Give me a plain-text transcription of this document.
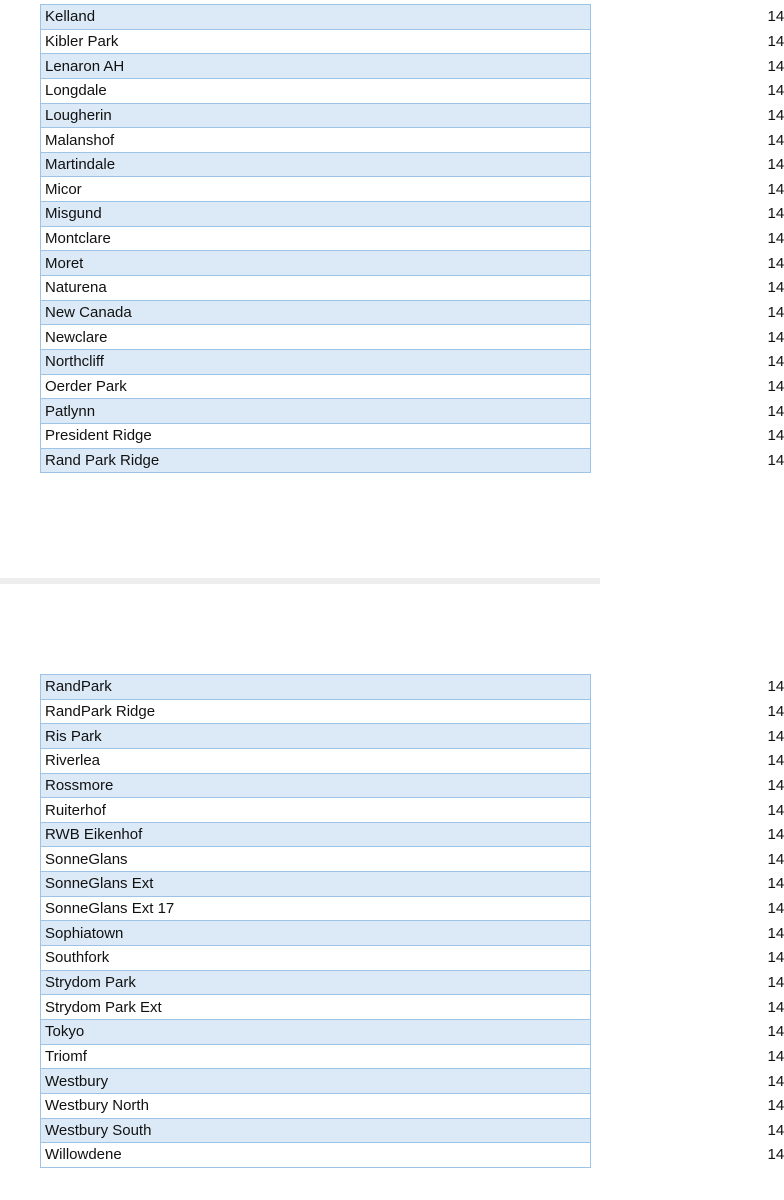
Kelland	14
Kibler Park	14
Lenaron AH	14
Longdale	14
Lougherin	14
Malanshof	14
Martindale	14
Micor	14
Misgund	14
Montclare	14
Moret	14
Naturena	14
New Canada	14
Newclare	14
Northcliff	14
Oerder Park	14
Patlynn	14
President Ridge	14
Rand Park Ridge	14
RandPark	14
RandPark Ridge	14
Ris Park	14
Riverlea	14
Rossmore	14
Ruiterhof	14
RWB Eikenhof	14
SonneGlans	14
SonneGlans Ext	14
SonneGlans Ext 17	14
Sophiatown	14
Southfork	14
Strydom Park	14
Strydom Park Ext	14
Tokyo	14
Triomf	14
Westbury	14
Westbury North	14
Westbury South	14
Willowdene	14
